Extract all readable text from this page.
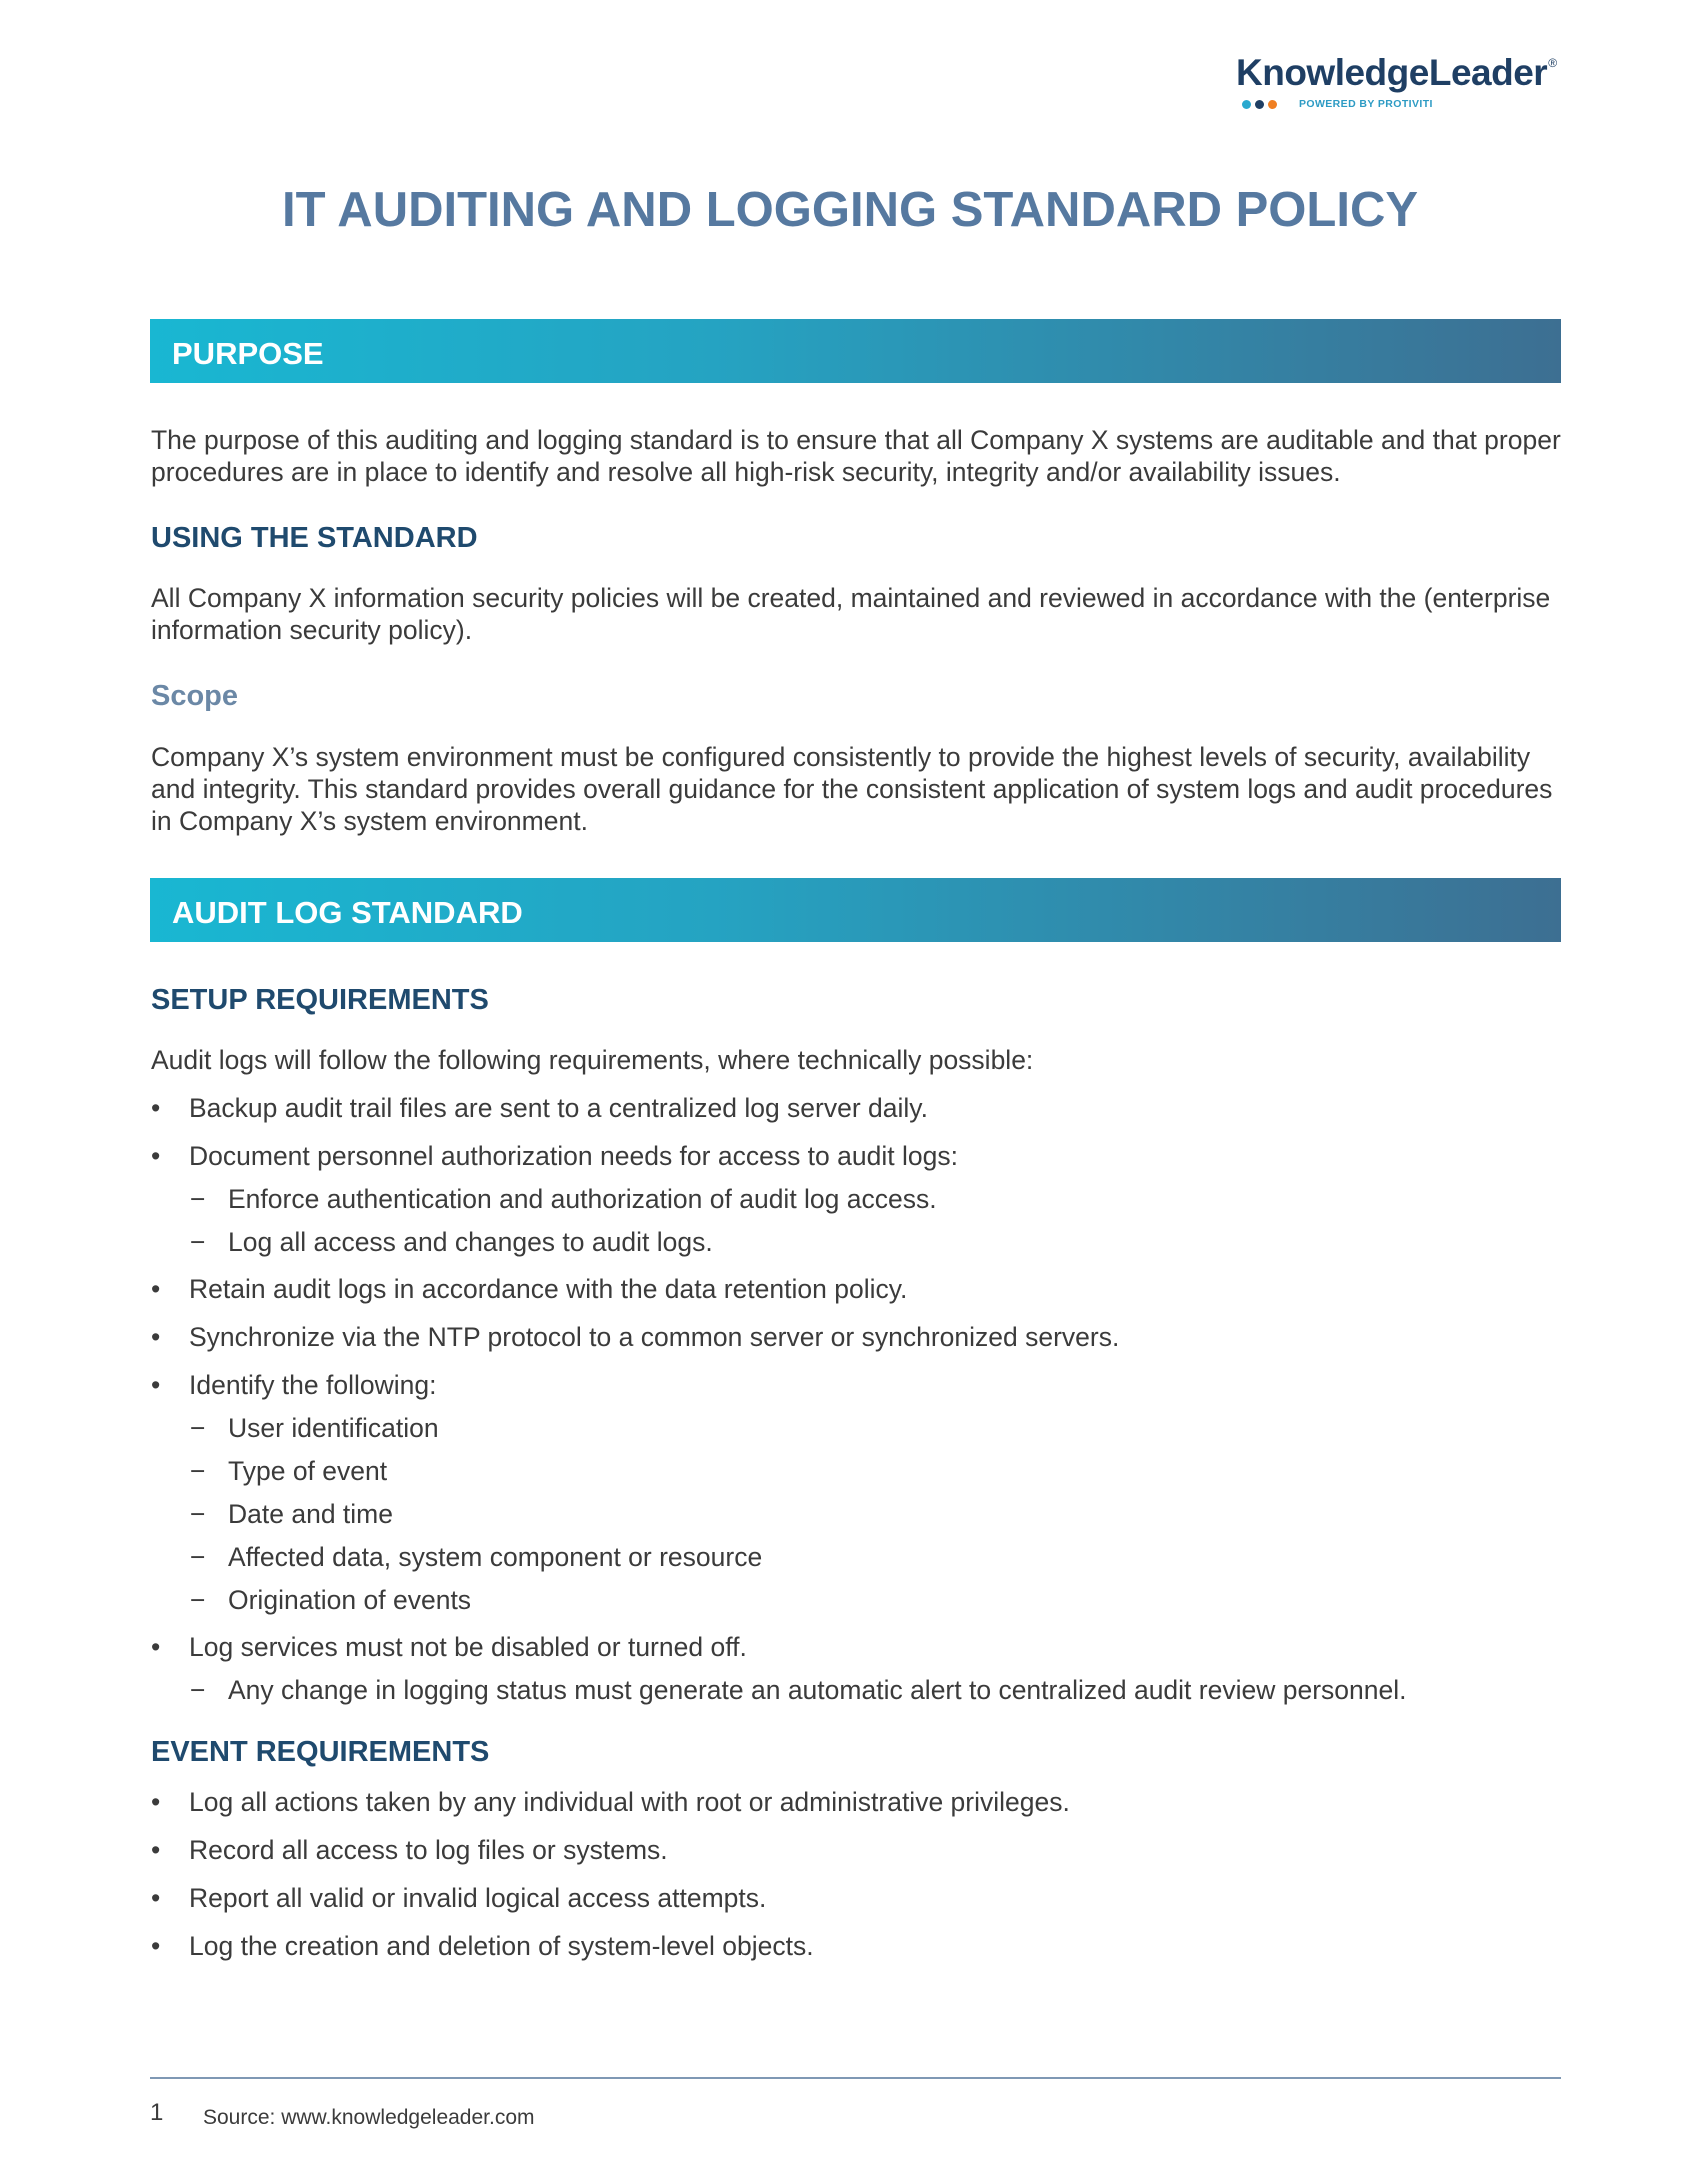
KnowledgeLeader®
POWERED BY PROTIVITI
IT AUDITING AND LOGGING STANDARD POLICY
PURPOSE
The purpose of this auditing and logging standard is to ensure that all Company X systems are auditable and that proper procedures are in place to identify and resolve all high-risk security, integrity and/or availability issues.
USING THE STANDARD
All Company X information security policies will be created, maintained and reviewed in accordance with the (enterprise information security policy).
Scope
Company X’s system environment must be configured consistently to provide the highest levels of security, availability and integrity. This standard provides overall guidance for the consistent application of system logs and audit procedures in Company X’s system environment.
AUDIT LOG STANDARD
SETUP REQUIREMENTS
Audit logs will follow the following requirements, where technically possible:
•	Backup audit trail files are sent to a centralized log server daily.
•	Document personnel authorization needs for access to audit logs:
− Enforce authentication and authorization of audit log access.
− Log all access and changes to audit logs.
•	Retain audit logs in accordance with the data retention policy.
•	Synchronize via the NTP protocol to a common server or synchronized servers.
•	Identify the following:
− User identification
− Type of event
− Date and time
− Affected data, system component or resource
− Origination of events
•	Log services must not be disabled or turned off.
− Any change in logging status must generate an automatic alert to centralized audit review personnel.
EVENT REQUIREMENTS
•	Log all actions taken by any individual with root or administrative privileges.
•	Record all access to log files or systems.
•	Report all valid or invalid logical access attempts.
•	Log the creation and deletion of system-level objects.
1 Source: www.knowledgeleader.com
